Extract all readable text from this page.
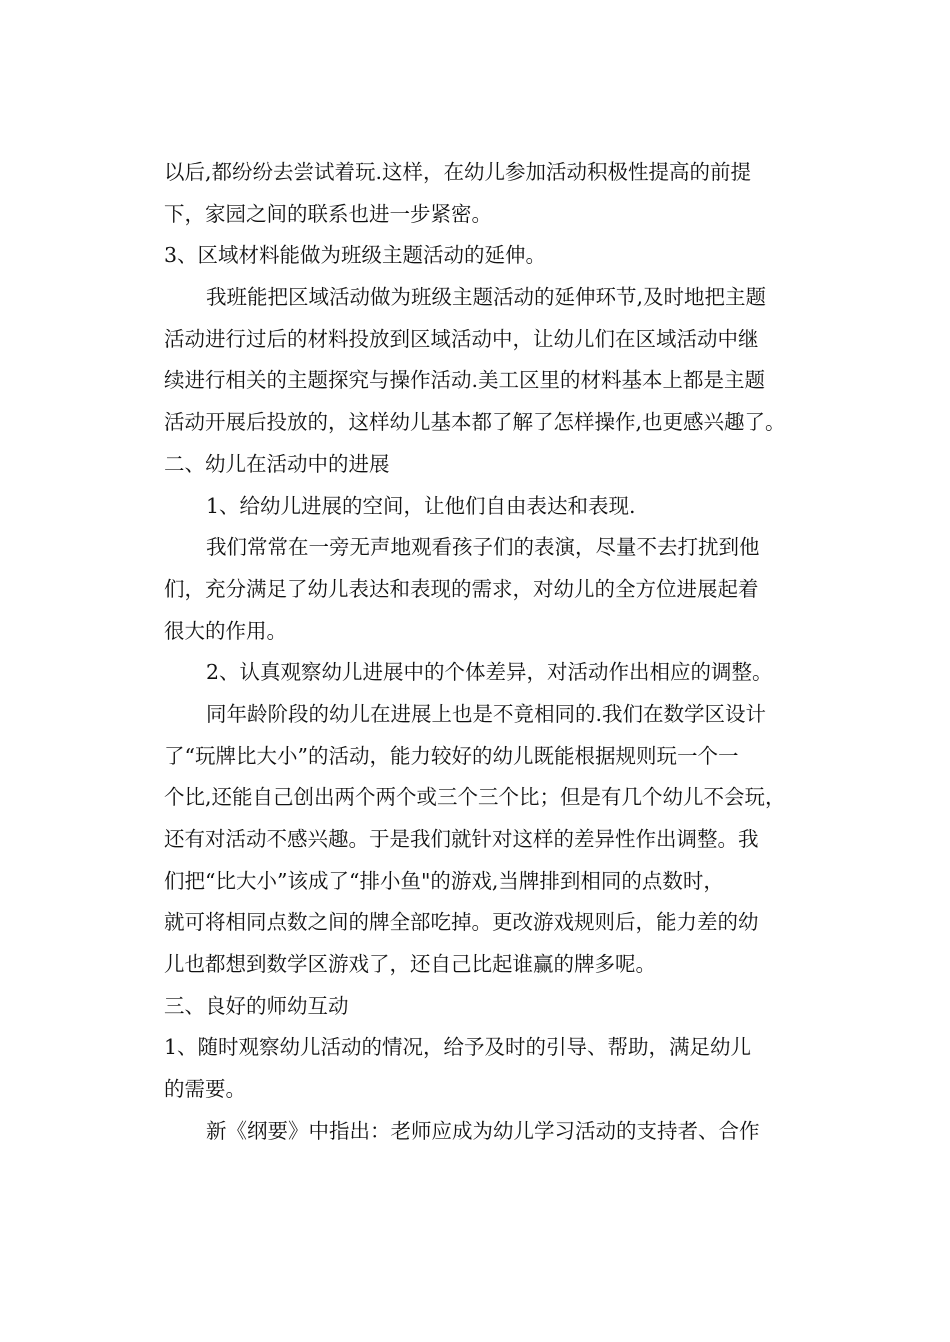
以后,都纷纷去尝试着玩.这样，在幼儿参加活动积极性提高的前提
下，家园之间的联系也进一步紧密。
3、区域材料能做为班级主题活动的延伸。
我班能把区域活动做为班级主题活动的延伸环节,及时地把主题
活动进行过后的材料投放到区域活动中，让幼儿们在区域活动中继
续进行相关的主题探究与操作活动.美工区里的材料基本上都是主题
活动开展后投放的，这样幼儿基本都了解了怎样操作,也更感兴趣了。
二、幼儿在活动中的进展
1、给幼儿进展的空间，让他们自由表达和表现.
我们常常在一旁无声地观看孩子们的表演，尽量不去打扰到他
们，充分满足了幼儿表达和表现的需求，对幼儿的全方位进展起着
很大的作用。
2、认真观察幼儿进展中的个体差异，对活动作出相应的调整。
同年龄阶段的幼儿在进展上也是不竟相同的.我们在数学区设计
了“玩牌比大小”的活动，能力较好的幼儿既能根据规则玩一个一
个比,还能自己创出两个两个或三个三个比；但是有几个幼儿不会玩，
还有对活动不感兴趣。于是我们就针对这样的差异性作出调整。我
们把“比大小”该成了“排小鱼"的游戏,当牌排到相同的点数时，
就可将相同点数之间的牌全部吃掉。更改游戏规则后，能力差的幼
儿也都想到数学区游戏了，还自己比起谁赢的牌多呢。
三、良好的师幼互动
1、随时观察幼儿活动的情况，给予及时的引导、帮助，满足幼儿
的需要。
新《纲要》中指出：老师应成为幼儿学习活动的支持者、合作
